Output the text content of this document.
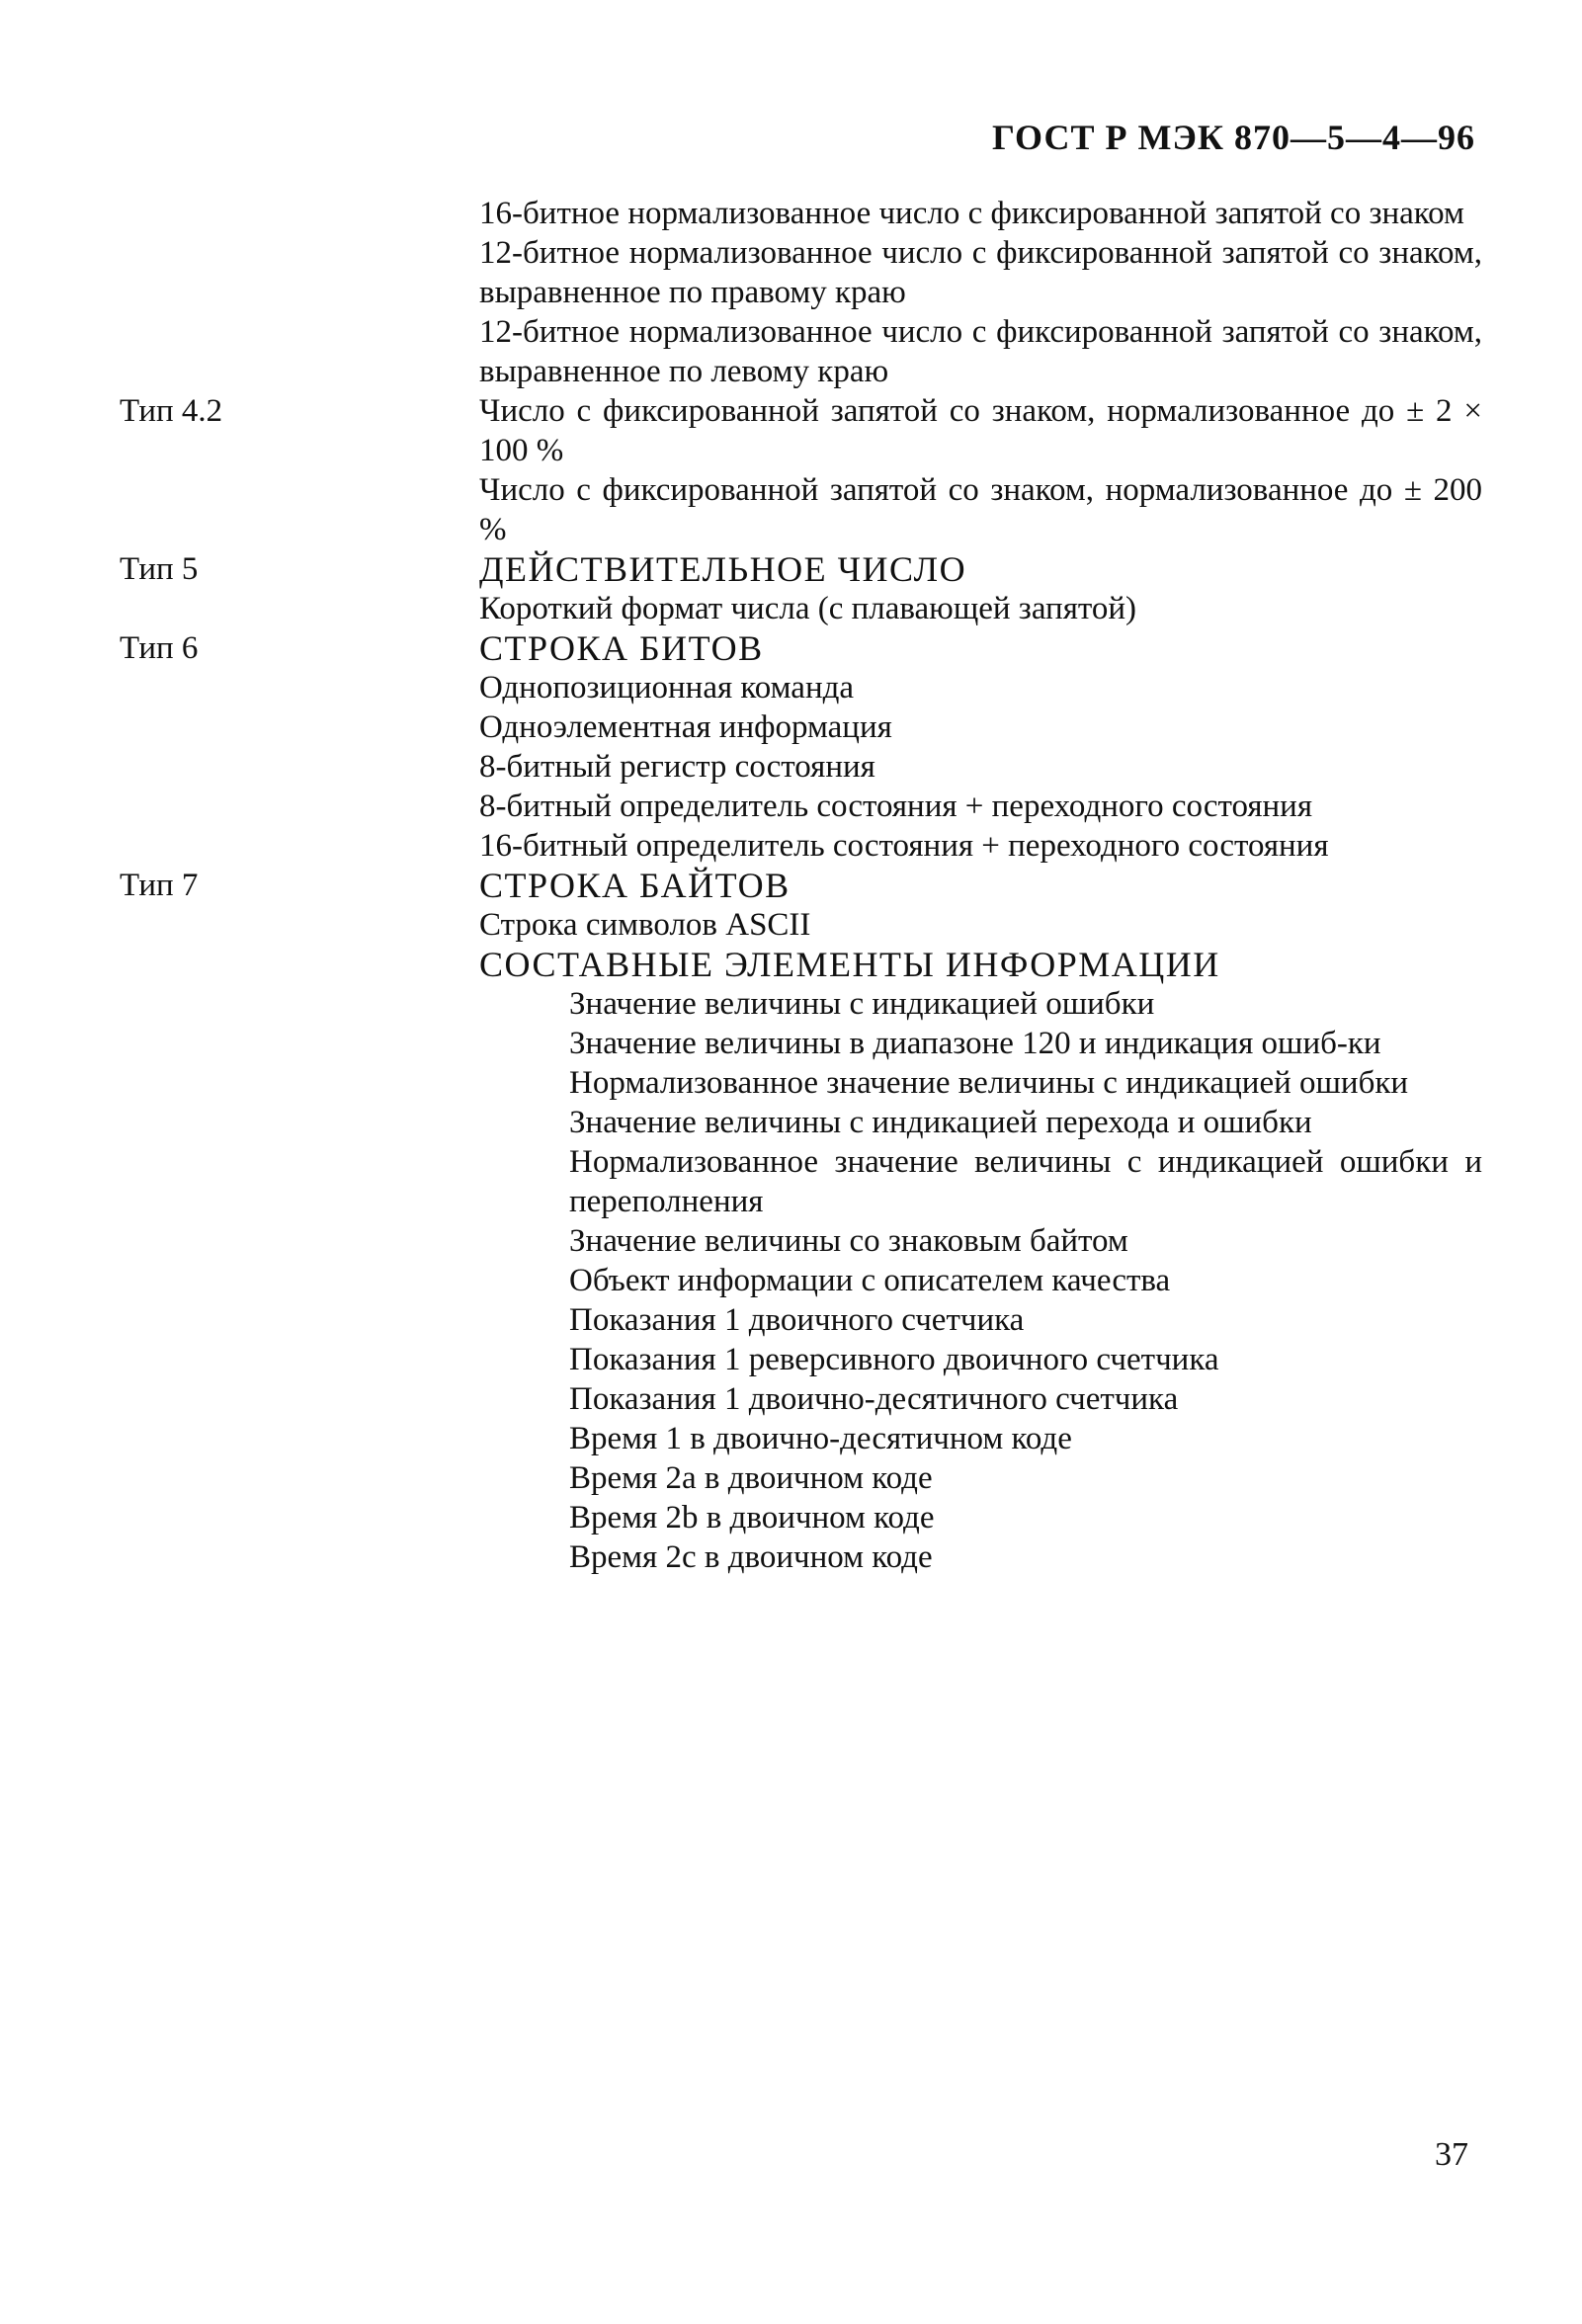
ГОСТ Р МЭК 870—5—4—96
16-битное нормализованное число с фиксированной запятой со знаком
12-битное нормализованное число с фиксированной запятой со знаком, выравненное по правому краю
12-битное нормализованное число с фиксированной запятой со знаком, выравненное по левому краю
Тип 4.2	Число с фиксированной запятой со знаком, нормализованное до ± 2 × 100 %
Число с фиксированной запятой со знаком, нормализованное до ± 200 %
Тип 5	ДЕЙСТВИТЕЛЬНОЕ ЧИСЛО
Короткий формат числа (с плавающей запятой)
Тип 6	СТРОКА БИТОВ
Однопозиционная команда
Одноэлементная информация
8-битный регистр состояния
8-битный определитель состояния + переходного состояния
16-битный определитель состояния + переходного состояния
Тип 7	СТРОКА БАЙТОВ
Строка символов ASCII
СОСТАВНЫЕ ЭЛЕМЕНТЫ ИНФОРМАЦИИ
Значение величины с индикацией ошибки
Значение величины в диапазоне 120 и индикация ошиб-ки
Нормализованное значение величины с индикацией ошибки
Значение величины с индикацией перехода и ошибки
Нормализованное значение величины с индикацией ошибки и переполнения
Значение величины со знаковым байтом
Объект информации с описателем качества
Показания 1 двоичного счетчика
Показания 1 реверсивного двоичного счетчика
Показания 1 двоично-десятичного счетчика
Время 1 в двоично-десятичном коде
Время 2a в двоичном коде
Время 2b в двоичном коде
Время 2c в двоичном коде
37
